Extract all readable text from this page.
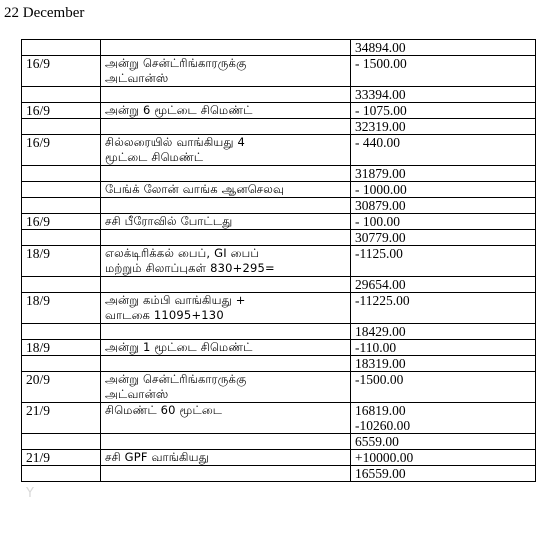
22 December

		34894.00

16/9	அன்று சென்ட்ரிங்காரருக்கு
அட்வான்ஸ்	- 1500.00

		33394.00

16/9	அன்று 6 மூட்டை சிமெண்ட்	- 1075.00

		32319.00

16/9	சில்லரையில் வாங்கியது 4
மூட்டை சிமெண்ட்	- 440.00

		31879.00

	பேங்க் லோன் வாங்க ஆனசெலவு	- 1000.00

		30879.00

16/9	சசி பீரோவில் போட்டது	- 100.00

		30779.00

18/9	எலக்டிரிக்கல் பைப், GI பைப்
மற்றும் சிலாப்புகள் 830+295=	-1125.00

		29654.00

18/9	அன்று கம்பி வாங்கியது +
வாடகை 11095+130	-11225.00

		18429.00

18/9	அன்று 1 மூட்டை சிமெண்ட்	-110.00

		18319.00

20/9	அன்று சென்ட்ரிங்காரருக்கு
அட்வான்ஸ்	-1500.00

21/9	சிமெண்ட் 60 மூட்டை	16819.00
-10260.00

		6559.00

21/9	சசி GPF வாங்கியது	+10000.00

		16559.00
Y
